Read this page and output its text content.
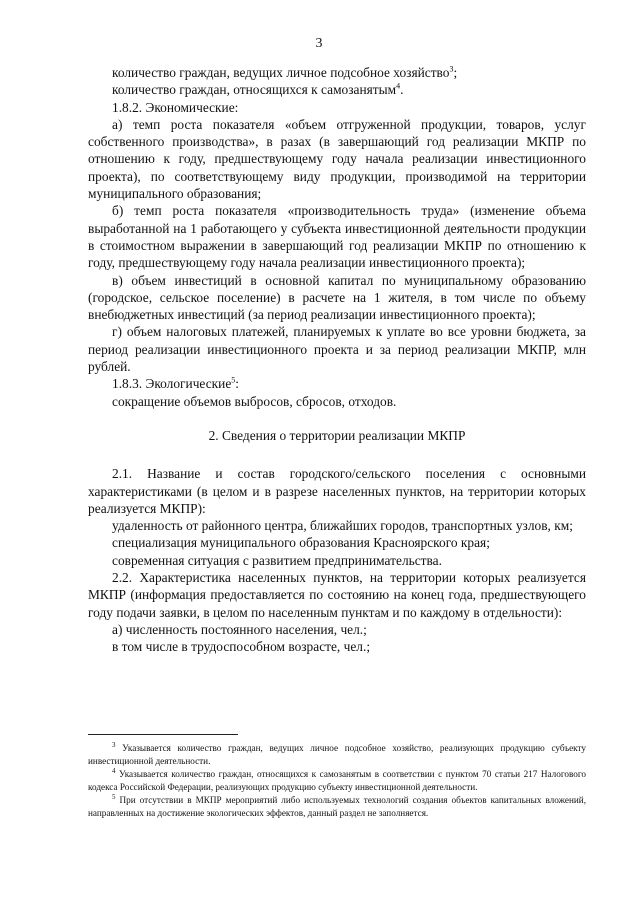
3

количество граждан, ведущих личное подсобное хозяйство$^3$;

количество граждан, относящихся к самозанятым$^4$.

1.8.2. Экономические:

а) темп роста показателя «объем отгруженной продукции, товаров, услуг собственного производства», в разах (в завершающий год реализации МКПР по отношению к году, предшествующему году начала реализации инвестиционного проекта), по соответствующему виду продукции, производимой на территории муниципального образования;

б) темп роста показателя «производительность труда» (изменение объема выработанной на 1 работающего у субъекта инвестиционной деятельности продукции в стоимостном выражении в завершающий год реализации МКПР по отношению к году, предшествующему году начала реализации инвестиционного проекта);

в) объем инвестиций в основной капитал по муниципальному образованию (городское, сельское поселение) в расчете на 1 жителя, в том числе по объему внебюджетных инвестиций (за период реализации инвестиционного проекта);

г) объем налоговых платежей, планируемых к уплате во все уровни бюджета, за период реализации инвестиционного проекта и за период реализации МКПР, млн рублей.

1.8.3. Экологические$^5$:

сокращение объемов выбросов, сбросов, отходов.

2. Сведения о территории реализации МКПР

2.1. Название и состав городского/сельского поселения с основными характеристиками (в целом и в разрезе населенных пунктов, на территории которых реализуется МКПР):

удаленность от районного центра, ближайших городов, транспортных узлов, км;

специализация муниципального образования Красноярского края;

современная ситуация с развитием предпринимательства.

2.2. Характеристика населенных пунктов, на территории которых реализуется МКПР (информация предоставляется по состоянию на конец года, предшествующего году подачи заявки, в целом по населенным пунктам и по каждому в отдельности):

а) численность постоянного населения, чел.;

в том числе в трудоспособном возрасте, чел.;

$^3$ Указывается количество граждан, ведущих личное подсобное хозяйство, реализующих продукцию субъекту инвестиционной деятельности.

$^4$ Указывается количество граждан, относящихся к самозанятым в соответствии с пунктом 70 статьи 217 Налогового кодекса Российской Федерации, реализующих продукцию субъекту инвестиционной деятельности.

$^5$ При отсутствии в МКПР мероприятий либо используемых технологий создания объектов капитальных вложений, направленных на достижение экологических эффектов, данный раздел не заполняется.
